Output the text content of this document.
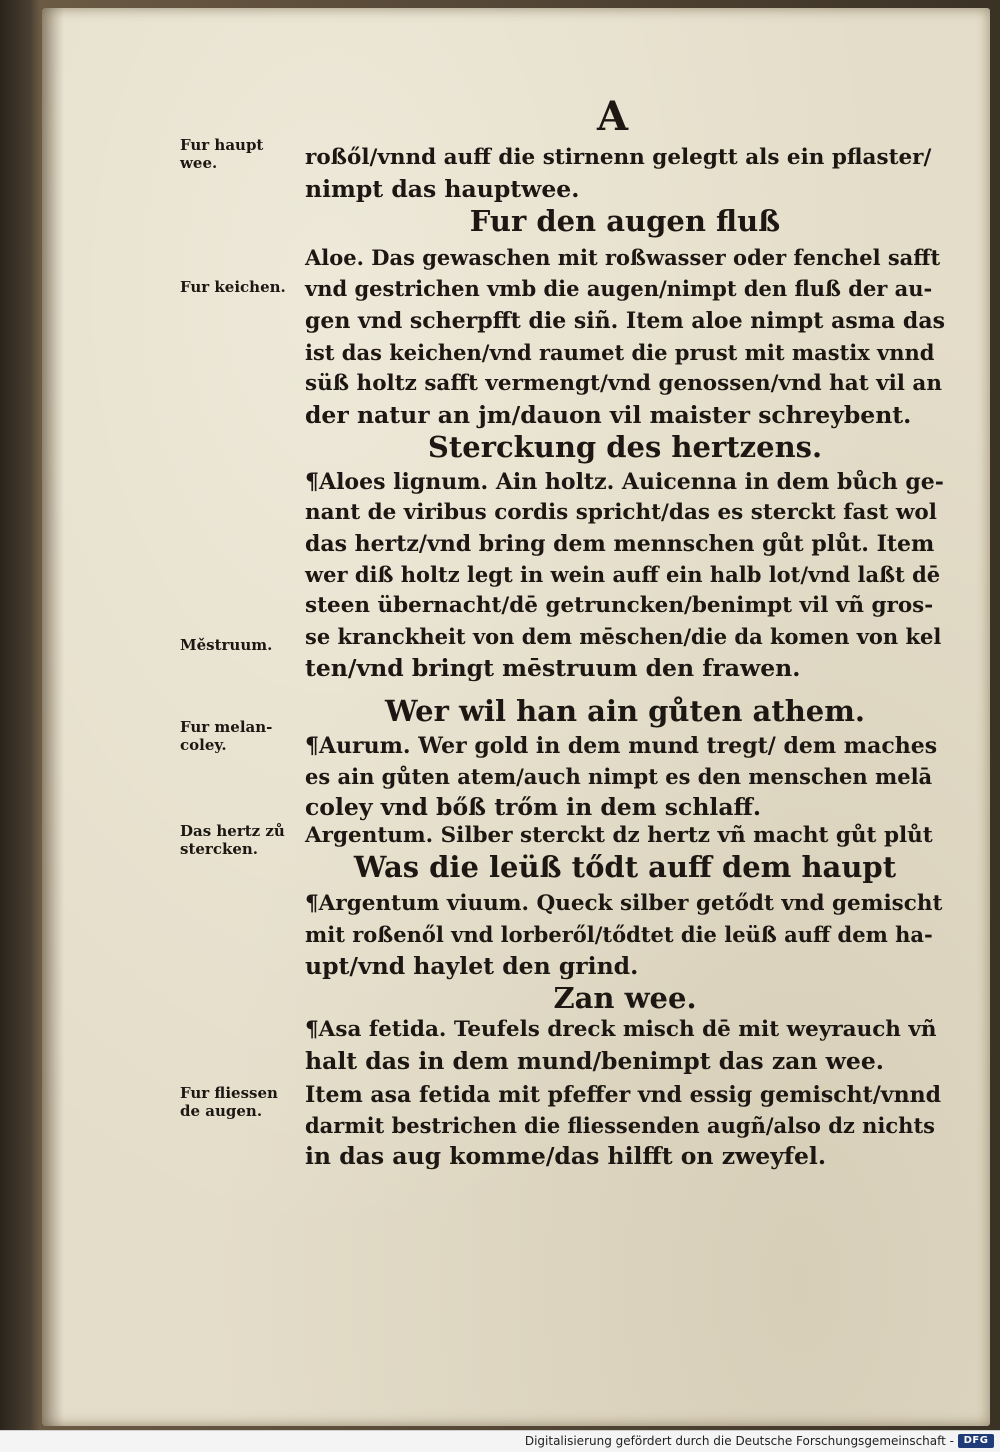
A
Fur haupt
wee.
Fur keichen.
Městruum.
Fur melan-
coley.
Das hertz zů
stercken.
Fur fliessen
de augen.
roßől/vnnd auff die stirnenn gelegtt als ein pflaster/
nimpt das hauptwee.
Fur den augen fluß
Aloe. Das gewaschen mit roßwasser oder fenchel safft
vnd gestrichen vmb die augen/nimpt den fluß der au-
gen vnd scherpfft die siñ. Item aloe nimpt asma das
ist das keichen/vnd raumet die prust mit mastix vnnd
süß holtz safft vermengt/vnd genossen/vnd hat vil an
der natur an jm/dauon vil maister schreybent.
Sterckung des hertzens.
¶Aloes lignum. Ain holtz. Auicenna in dem bůch ge-
nant de viribus cordis spricht/das es sterckt fast wol
das hertz/vnd bring dem mennschen gůt plůt. Item
wer diß holtz legt in wein auff ein halb lot/vnd laßt dē
steen übernacht/dē getruncken/benimpt vil vñ gros-
se kranckheit von dem mēschen/die da komen von kel
ten/vnd bringt mēstruum den frawen.
Wer wil han ain gůten athem.
¶Aurum. Wer gold in dem mund tregt/ dem maches
es ain gůten atem/auch nimpt es den menschen melā
coley vnd bőß trőm in dem schlaff.
Argentum. Silber sterckt dz hertz vñ macht gůt plůt
Was die leüß tődt auff dem haupt
¶Argentum viuum. Queck silber getődt vnd gemischt
mit roßenől vnd lorberől/tődtet die leüß auff dem ha-
upt/vnd haylet den grind.
Zan wee.
¶Asa fetida. Teufels dreck misch dē mit weyrauch vñ
halt das in dem mund/benimpt das zan wee.
Item asa fetida mit pfeffer vnd essig gemischt/vnnd
darmit bestrichen die fliessenden augñ/also dz nichts
in das aug komme/das hilfft on zweyfel.
Digitalisierung gefördert durch die Deutsche Forschungsgemeinschaft - DFG
